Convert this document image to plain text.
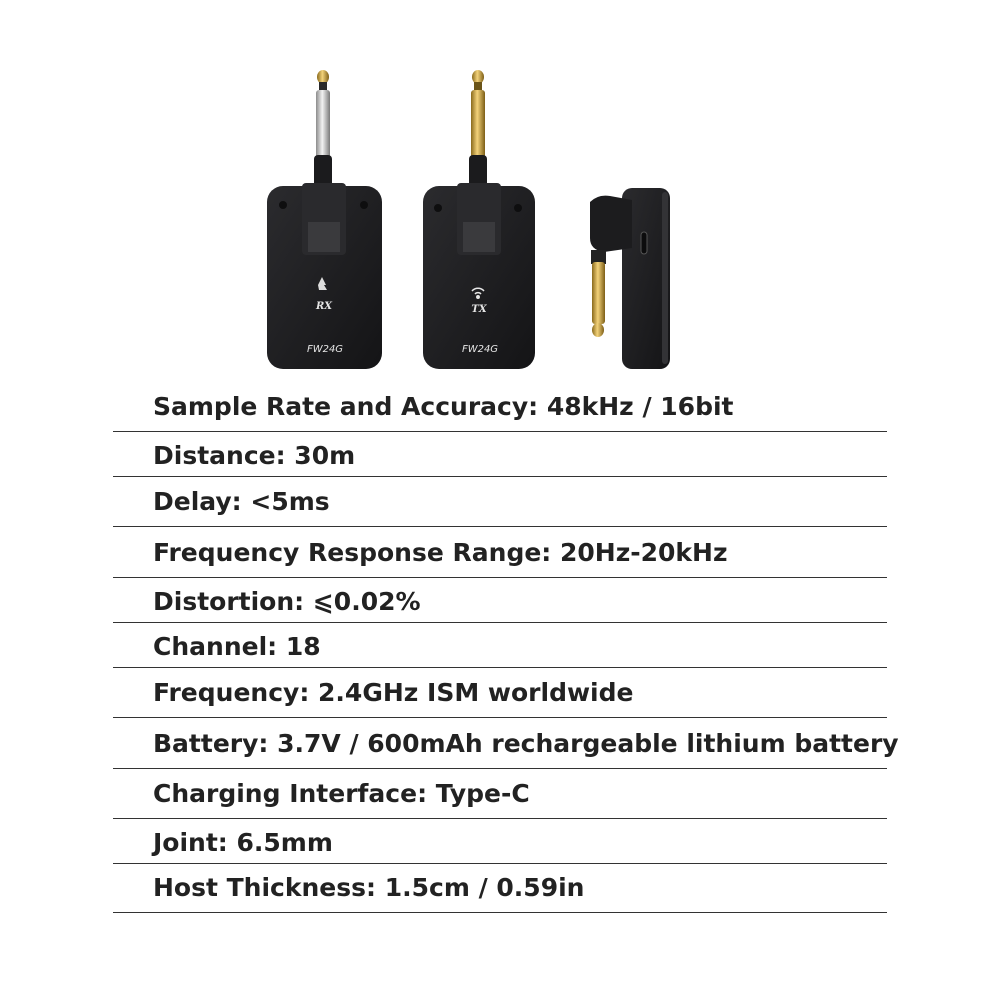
RX
FW24G
TX
FW24G
Sample Rate and Accuracy: 48kHz / 16bit
Distance: 30m
Delay: <5ms
Frequency Response Range: 20Hz-20kHz
Distortion: ⩽0.02%
Channel: 18
Frequency: 2.4GHz ISM worldwide
Battery: 3.7V / 600mAh rechargeable lithium battery
Charging Interface: Type-C
Joint: 6.5mm
Host Thickness: 1.5cm / 0.59in
